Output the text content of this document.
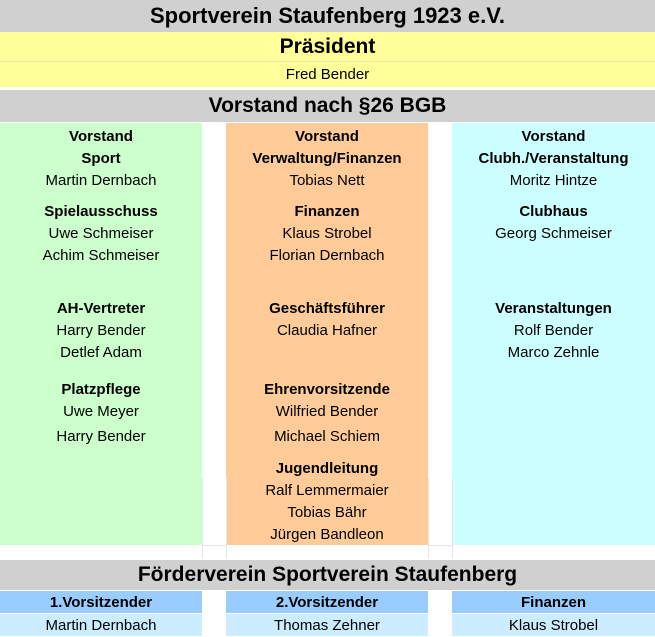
Sportverein Staufenberg 1923 e.V.
Präsident
Fred Bender
Vorstand nach §26 BGB
Vorstand
Sport
Martin Dernbach
Spielausschuss
Uwe Schmeiser
Achim Schmeiser
AH-Vertreter
Harry Bender
Detlef Adam
Platzpflege
Uwe Meyer
Harry Bender
Vorstand
Verwaltung/Finanzen
Tobias Nett
Finanzen
Klaus Strobel
Florian Dernbach
Geschäftsführer
Claudia Hafner
Ehrenvorsitzende
Wilfried Bender
Michael Schiem
Jugendleitung
Ralf Lemmermaier
Tobias Bähr
Jürgen Bandleon
Vorstand
Clubh./Veranstaltung
Moritz Hintze
Clubhaus
Georg Schmeiser
Veranstaltungen
Rolf Bender
Marco Zehnle
Förderverein Sportverein Staufenberg
1.Vorsitzender	2.Vorsitzender	Finanzen
Martin Dernbach	Thomas Zehner	Klaus Strobel
